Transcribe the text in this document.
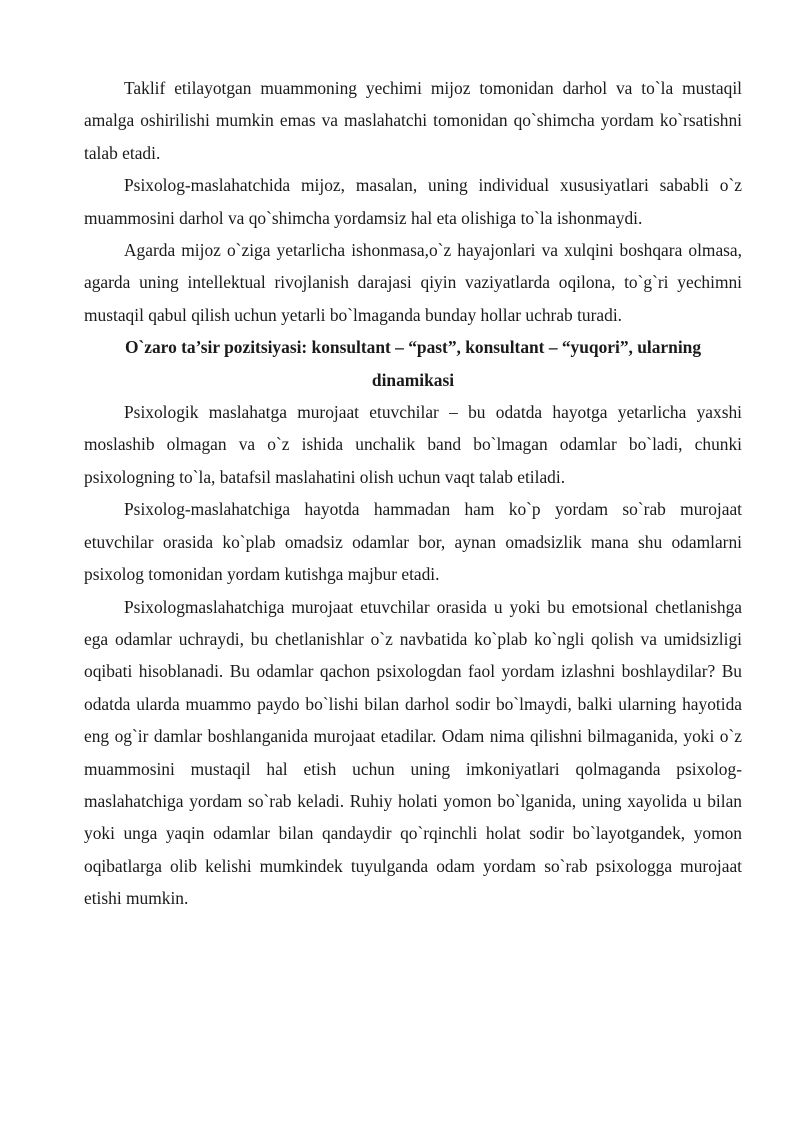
Taklif etilayotgan muammoning yechimi mijoz tomonidan darhol va to`la mustaqil amalga oshirilishi mumkin emas va maslahatchi tomonidan qo`shimcha yordam ko`rsatishni talab etadi.

Psixolog-maslahatchida mijoz, masalan, uning individual xususiyatlari sababli o`z muammosini darhol va qo`shimcha yordamsiz hal eta olishiga to`la ishonmaydi.

Agarda mijoz o`ziga yetarlicha ishonmasa,o`z hayajonlari va xulqini boshqara olmasa, agarda uning intellektual rivojlanish darajasi qiyin vaziyatlarda oqilona, to`g`ri yechimni mustaqil qabul qilish uchun yetarli bo`lmaganda bunday hollar uchrab turadi.

O`zaro ta’sir pozitsiyasi: konsultant – “past”, konsultant – “yuqori”, ularning dinamikasi

Psixologik maslahatga murojaat etuvchilar – bu odatda hayotga yetarlicha yaxshi moslashib olmagan va o`z ishida unchalik band bo`lmagan odamlar bo`ladi, chunki psixologning to`la, batafsil maslahatini olish uchun vaqt talab etiladi.

Psixolog-maslahatchiga hayotda hammadan ham ko`p yordam so`rab murojaat etuvchilar orasida ko`plab omadsiz odamlar bor, aynan omadsizlik mana shu odamlarni psixolog tomonidan yordam kutishga majbur etadi.

Psixologmaslahatchiga murojaat etuvchilar orasida u yoki bu emotsional chetlanishga ega odamlar uchraydi, bu chetlanishlar o`z navbatida ko`plab ko`ngli qolish va umidsizligi oqibati hisoblanadi. Bu odamlar qachon psixologdan faol yordam izlashni boshlaydilar? Bu odatda ularda muammo paydo bo`lishi bilan darhol sodir bo`lmaydi, balki ularning hayotida eng og`ir damlar boshlanganida murojaat etadilar. Odam nima qilishni bilmaganida, yoki o`z muammosini mustaqil hal etish uchun uning imkoniyatlari qolmaganda psixolog-maslahatchiga yordam so`rab keladi. Ruhiy holati yomon bo`lganida, uning xayolida u bilan yoki unga yaqin odamlar bilan qandaydir qo`rqinchli holat sodir bo`layotgandek, yomon oqibatlarga olib kelishi mumkindek tuyulganda odam yordam so`rab psixologga murojaat etishi mumkin.
